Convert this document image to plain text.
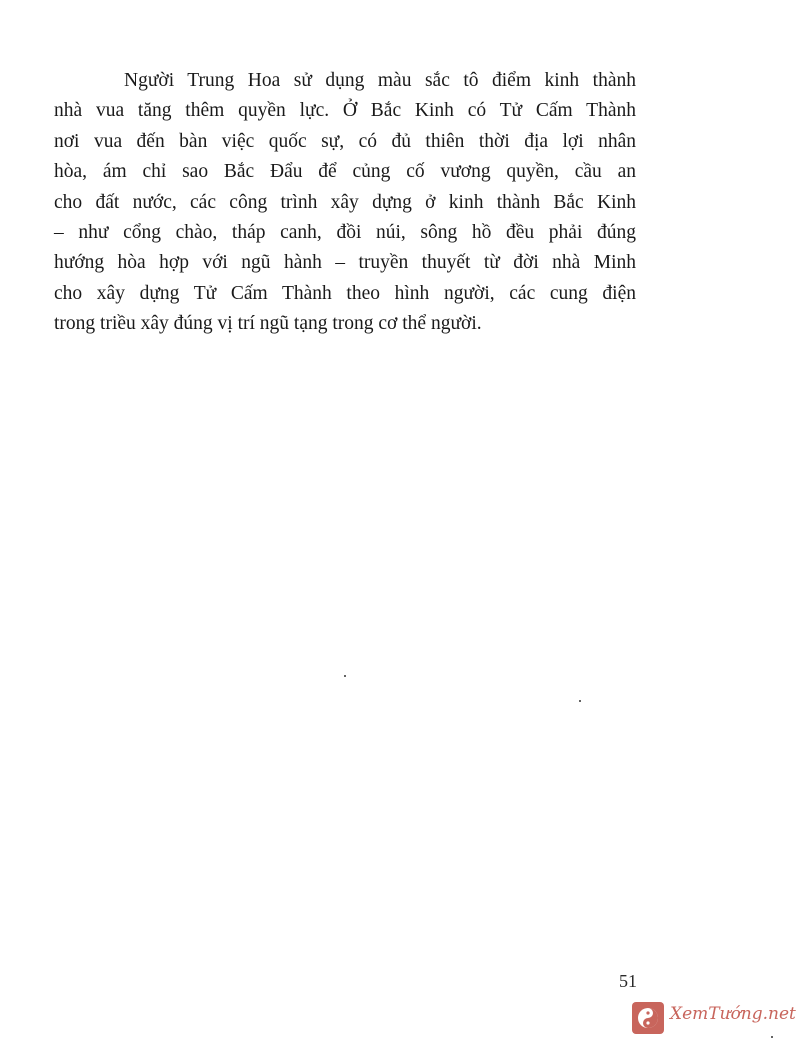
Người Trung Hoa sử dụng màu sắc tô điểm kinh thành
nhà vua tăng thêm quyền lực. Ở Bắc Kinh có Tử Cấm Thành
nơi vua đến bàn việc quốc sự, có đủ thiên thời địa lợi nhân
hòa, ám chỉ sao Bắc Đẩu để củng cố vương quyền, cầu an
cho đất nước, các công trình xây dựng ở kinh thành Bắc Kinh
– như cổng chào, tháp canh, đồi núi, sông hồ đều phải đúng
hướng hòa hợp với ngũ hành – truyền thuyết từ đời nhà Minh
cho xây dựng Tử Cấm Thành theo hình người, các cung điện
trong triều xây đúng vị trí ngũ tạng trong cơ thể người.
51
XemTướng.net
